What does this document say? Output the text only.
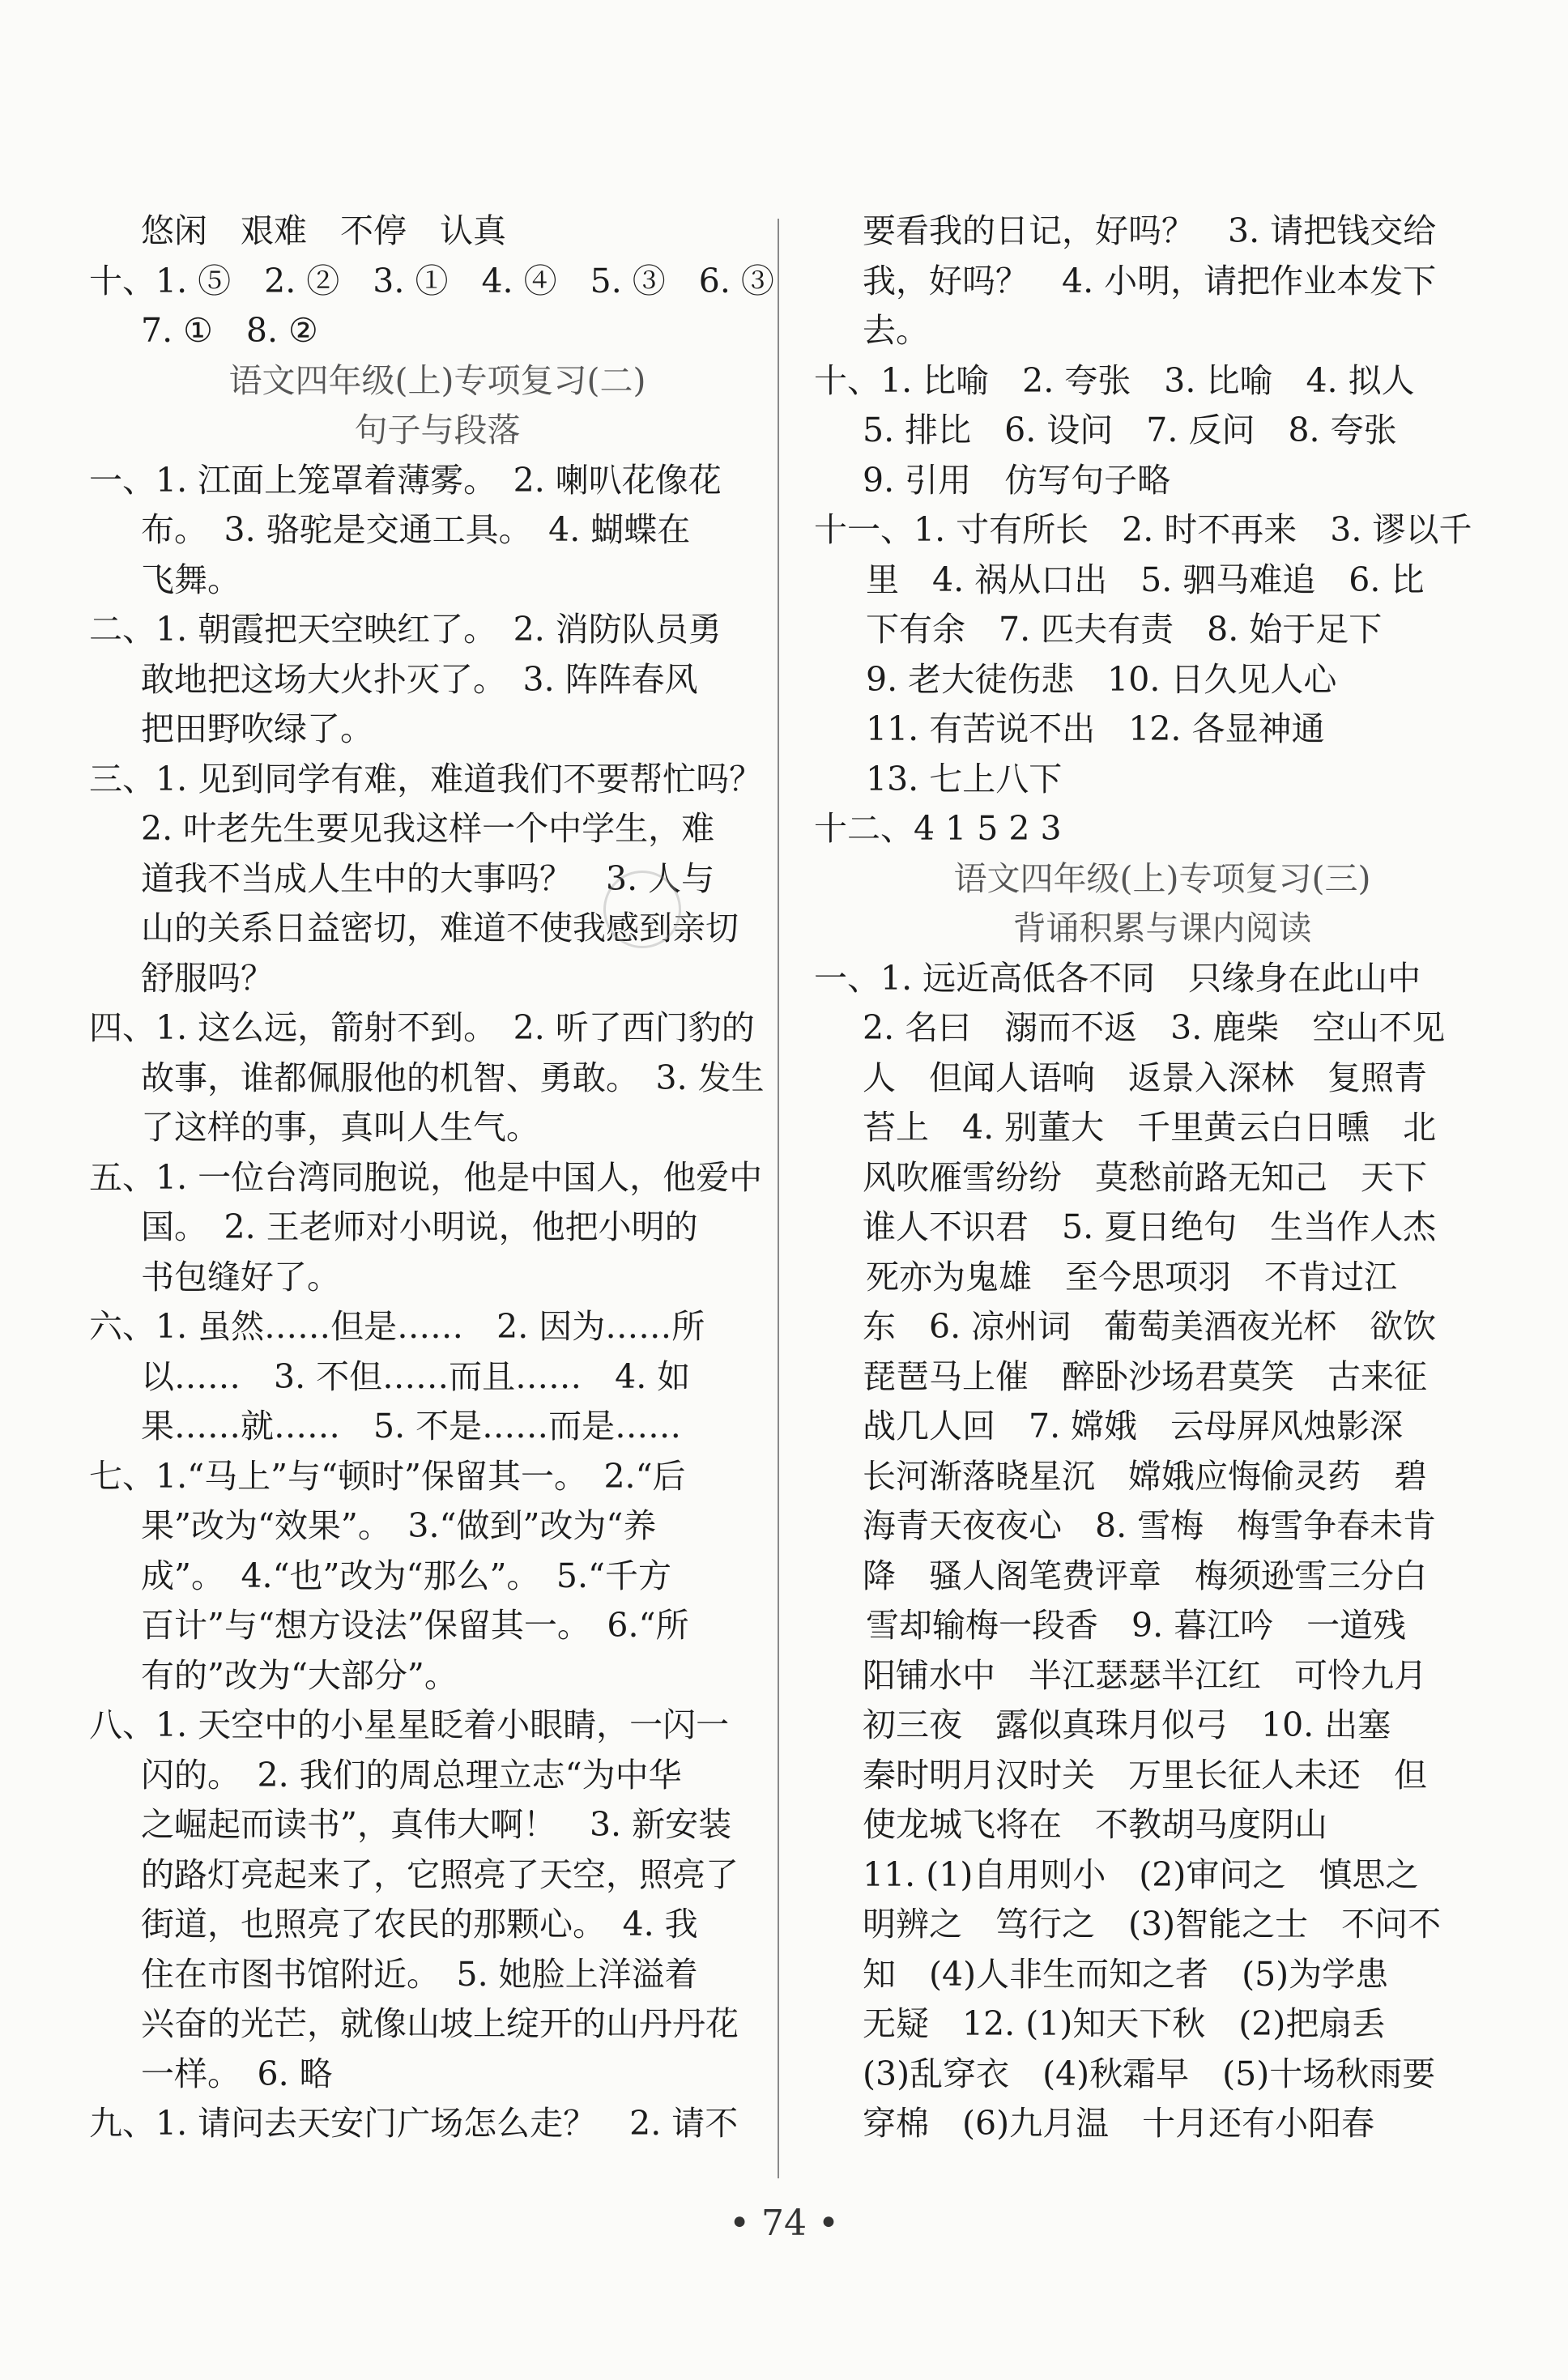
悠闲　艰难　不停　认真
十、1. ⑤　2. ②　3. ①　4. ④　5. ③　6. ③
7. ①　8. ②
语文四年级(上)专项复习(二)
句子与段落
一、1. 江面上笼罩着薄雾。　2. 喇叭花像花
布。　3. 骆驼是交通工具。　4. 蝴蝶在
飞舞。
二、1. 朝霞把天空映红了。　2. 消防队员勇
敢地把这场大火扑灭了。　3. 阵阵春风
把田野吹绿了。
三、1. 见到同学有难，难道我们不要帮忙吗？
2. 叶老先生要见我这样一个中学生，难
道我不当成人生中的大事吗？　3. 人与
山的关系日益密切，难道不使我感到亲切
舒服吗？
四、1. 这么远，箭射不到。　2. 听了西门豹的
故事，谁都佩服他的机智、勇敢。　3. 发生
了这样的事，真叫人生气。
五、1. 一位台湾同胞说，他是中国人，他爱中
国。　2. 王老师对小明说，他把小明的
书包缝好了。
六、1. 虽然……但是……　2. 因为……所
以……　3. 不但……而且……　4. 如
果……就……　5. 不是……而是……
七、1.“马上”与“顿时”保留其一。　2.“后
果”改为“效果”。　3.“做到”改为“养
成”。　4.“也”改为“那么”。　5.“千方
百计”与“想方设法”保留其一。　6.“所
有的”改为“大部分”。
八、1. 天空中的小星星眨着小眼睛，一闪一
闪的。　2. 我们的周总理立志“为中华
之崛起而读书”，真伟大啊！　3. 新安装
的路灯亮起来了，它照亮了天空，照亮了
街道，也照亮了农民的那颗心。　4. 我
住在市图书馆附近。　5. 她脸上洋溢着
兴奋的光芒，就像山坡上绽开的山丹丹花
一样。　6. 略
九、1. 请问去天安门广场怎么走？　2. 请不
要看我的日记，好吗？　3. 请把钱交给
我，好吗？　4. 小明，请把作业本发下
去。
十、1. 比喻　2. 夸张　3. 比喻　4. 拟人
5. 排比　6. 设问　7. 反问　8. 夸张
9. 引用　仿写句子略
十一、1. 寸有所长　2. 时不再来　3. 谬以千
里　4. 祸从口出　5. 驷马难追　6. 比
下有余　7. 匹夫有责　8. 始于足下
9. 老大徒伤悲　10. 日久见人心
11. 有苦说不出　12. 各显神通
13. 七上八下
十二、4 1 5 2 3
语文四年级(上)专项复习(三)
背诵积累与课内阅读
一、1. 远近高低各不同　只缘身在此山中
2. 名曰　溺而不返　3. 鹿柴　空山不见
人　但闻人语响　返景入深林　复照青
苔上　4. 别董大　千里黄云白日曛　北
风吹雁雪纷纷　莫愁前路无知己　天下
谁人不识君　5. 夏日绝句　生当作人杰
死亦为鬼雄　至今思项羽　不肯过江
东　6. 凉州词　葡萄美酒夜光杯　欲饮
琵琶马上催　醉卧沙场君莫笑　古来征
战几人回　7. 嫦娥　云母屏风烛影深
长河渐落晓星沉　嫦娥应悔偷灵药　碧
海青天夜夜心　8. 雪梅　梅雪争春未肯
降　骚人阁笔费评章　梅须逊雪三分白
雪却输梅一段香　9. 暮江吟　一道残
阳铺水中　半江瑟瑟半江红　可怜九月
初三夜　露似真珠月似弓　10. 出塞
秦时明月汉时关　万里长征人未还　但
使龙城飞将在　不教胡马度阴山
11. (1)自用则小　(2)审问之　慎思之
明辨之　笃行之　(3)智能之士　不问不
知　(4)人非生而知之者　(5)为学患
无疑　12. (1)知天下秋　(2)把扇丢
(3)乱穿衣　(4)秋霜早　(5)十场秋雨要
穿棉　(6)九月温　十月还有小阳春
• 74 •
